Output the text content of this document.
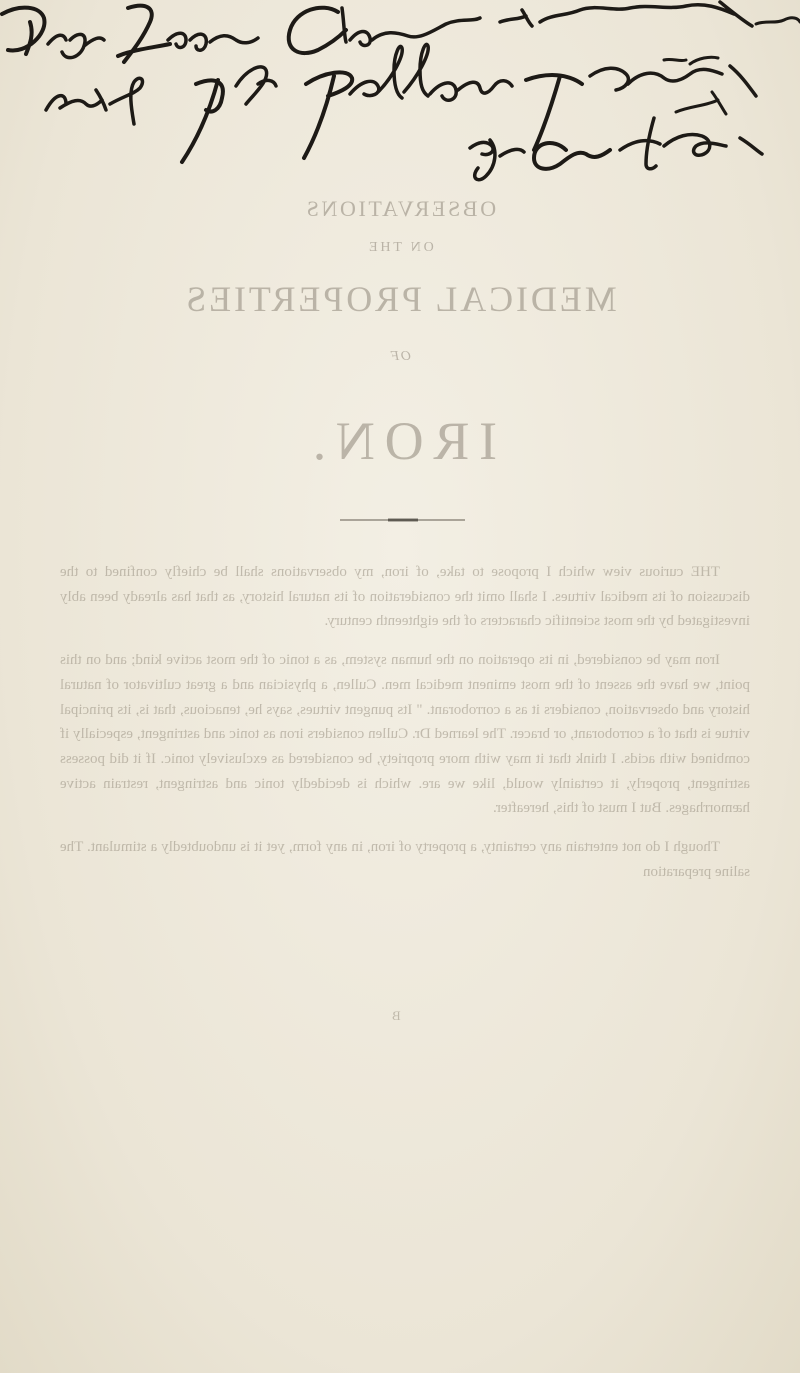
OBSERVATIONS

ON THE

MEDICAL PROPERTIES

OF

IRON.

THE curious view which I propose to take, of iron, my observations shall be chiefly confined to the discussion of its medical virtues. I shall omit the consideration of its natural history, as that has already been ably investigated by the most scientific characters of the eighteenth century.

Iron may be considered, in its operation on the human system, as a tonic of the most active kind; and on this point, we have the assent of the most eminent medical men. Cullen, a physician and a great cultivator of natural history and observation, considers it as a corroborant. " Its pungent virtues, says he, tenacious, that is, its principal virtue is that of a corroborant, or bracer. The learned Dr. Cullen considers iron as tonic and astringent, especially if combined with acids. I think that it may with more propriety, be considered as exclusively tonic. If it did possess astringent, properly, it certainly would, like we are. which is decidedly tonic and astringent, restrain active hæmorrhages. But I must of this, hereafter.

Though I do not entertain any certainty, a property of iron, in any form, yet it is undoubtedly a stimulant. The saline preparation

B
